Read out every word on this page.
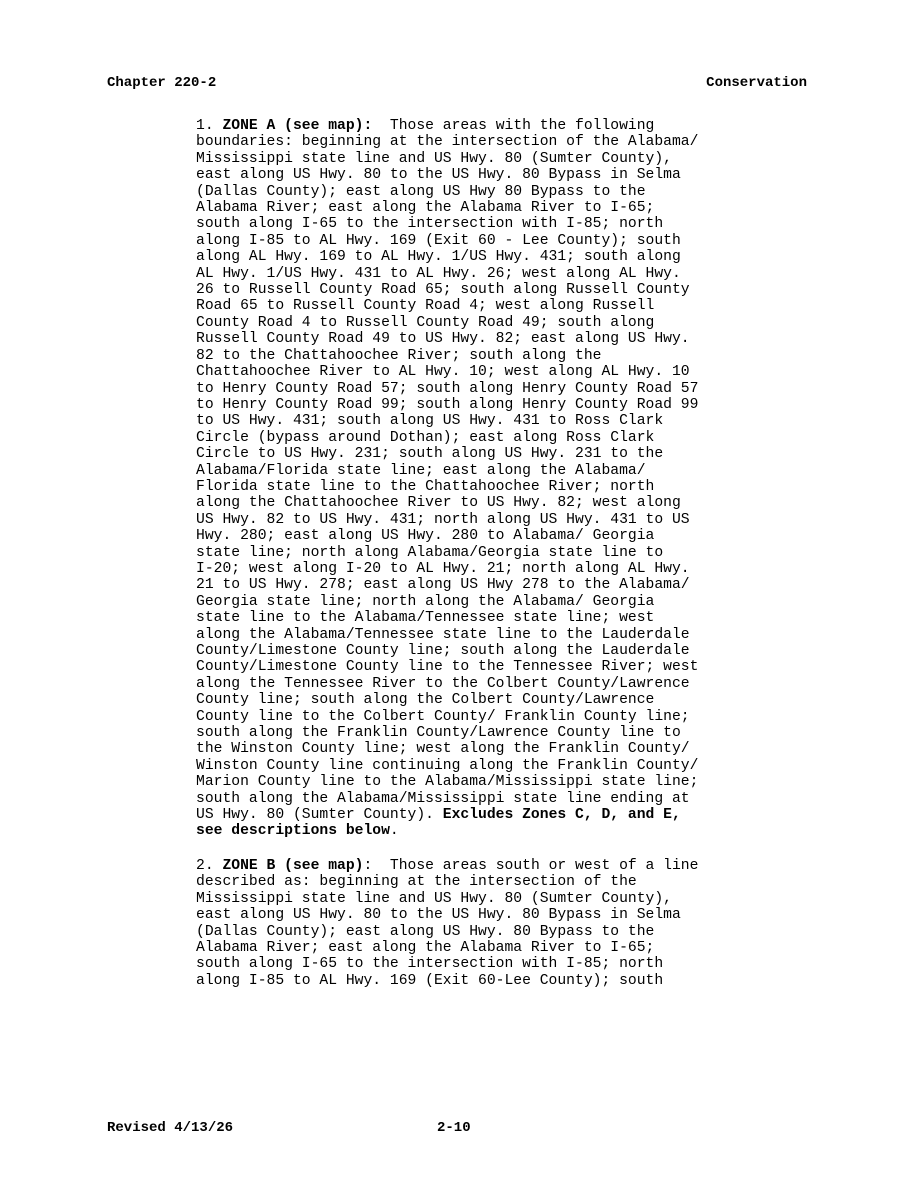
Chapter 220-2	Conservation

1. ZONE A (see map):  Those areas with the following
boundaries: beginning at the intersection of the Alabama/
Mississippi state line and US Hwy. 80 (Sumter County),
east along US Hwy. 80 to the US Hwy. 80 Bypass in Selma
(Dallas County); east along US Hwy 80 Bypass to the
Alabama River; east along the Alabama River to I-65;
south along I-65 to the intersection with I-85; north
along I-85 to AL Hwy. 169 (Exit 60 - Lee County); south
along AL Hwy. 169 to AL Hwy. 1/US Hwy. 431; south along
AL Hwy. 1/US Hwy. 431 to AL Hwy. 26; west along AL Hwy.
26 to Russell County Road 65; south along Russell County
Road 65 to Russell County Road 4; west along Russell
County Road 4 to Russell County Road 49; south along
Russell County Road 49 to US Hwy. 82; east along US Hwy.
82 to the Chattahoochee River; south along the
Chattahoochee River to AL Hwy. 10; west along AL Hwy. 10
to Henry County Road 57; south along Henry County Road 57
to Henry County Road 99; south along Henry County Road 99
to US Hwy. 431; south along US Hwy. 431 to Ross Clark
Circle (bypass around Dothan); east along Ross Clark
Circle to US Hwy. 231; south along US Hwy. 231 to the
Alabama/Florida state line; east along the Alabama/
Florida state line to the Chattahoochee River; north
along the Chattahoochee River to US Hwy. 82; west along
US Hwy. 82 to US Hwy. 431; north along US Hwy. 431 to US
Hwy. 280; east along US Hwy. 280 to Alabama/ Georgia
state line; north along Alabama/Georgia state line to
I-20; west along I-20 to AL Hwy. 21; north along AL Hwy.
21 to US Hwy. 278; east along US Hwy 278 to the Alabama/
Georgia state line; north along the Alabama/ Georgia
state line to the Alabama/Tennessee state line; west
along the Alabama/Tennessee state line to the Lauderdale
County/Limestone County line; south along the Lauderdale
County/Limestone County line to the Tennessee River; west
along the Tennessee River to the Colbert County/Lawrence
County line; south along the Colbert County/Lawrence
County line to the Colbert County/ Franklin County line;
south along the Franklin County/Lawrence County line to
the Winston County line; west along the Franklin County/
Winston County line continuing along the Franklin County/
Marion County line to the Alabama/Mississippi state line;
south along the Alabama/Mississippi state line ending at
US Hwy. 80 (Sumter County). Excludes Zones C, D, and E,
see descriptions below.

2. ZONE B (see map):  Those areas south or west of a line
described as: beginning at the intersection of the
Mississippi state line and US Hwy. 80 (Sumter County),
east along US Hwy. 80 to the US Hwy. 80 Bypass in Selma
(Dallas County); east along US Hwy. 80 Bypass to the
Alabama River; east along the Alabama River to I-65;
south along I-65 to the intersection with I-85; north
along I-85 to AL Hwy. 169 (Exit 60-Lee County); south

Revised 4/13/26	2-10
